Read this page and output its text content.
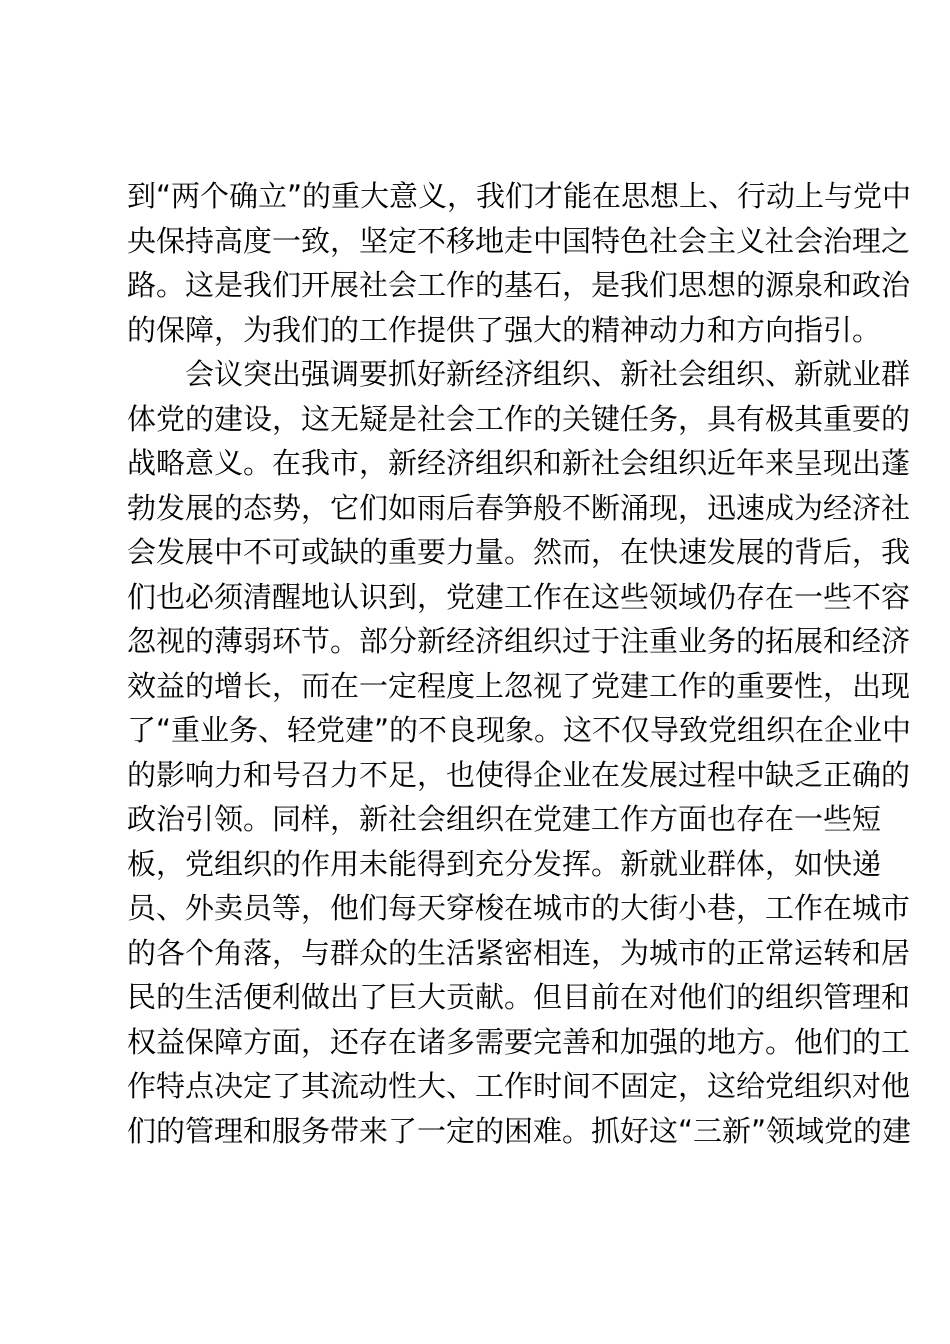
到“两个确立”的重大意义，我们才能在思想上、行动上与党中
央保持高度一致，坚定不移地走中国特色社会主义社会治理之
路。这是我们开展社会工作的基石，是我们思想的源泉和政治
的保障，为我们的工作提供了强大的精神动力和方向指引。
　　会议突出强调要抓好新经济组织、新社会组织、新就业群
体党的建设，这无疑是社会工作的关键任务，具有极其重要的
战略意义。在我市，新经济组织和新社会组织近年来呈现出蓬
勃发展的态势，它们如雨后春笋般不断涌现，迅速成为经济社
会发展中不可或缺的重要力量。然而，在快速发展的背后，我
们也必须清醒地认识到，党建工作在这些领域仍存在一些不容
忽视的薄弱环节。部分新经济组织过于注重业务的拓展和经济
效益的增长，而在一定程度上忽视了党建工作的重要性，出现
了“重业务、轻党建”的不良现象。这不仅导致党组织在企业中
的影响力和号召力不足，也使得企业在发展过程中缺乏正确的
政治引领。同样，新社会组织在党建工作方面也存在一些短
板，党组织的作用未能得到充分发挥。新就业群体，如快递
员、外卖员等，他们每天穿梭在城市的大街小巷，工作在城市
的各个角落，与群众的生活紧密相连，为城市的正常运转和居
民的生活便利做出了巨大贡献。但目前在对他们的组织管理和
权益保障方面，还存在诸多需要完善和加强的地方。他们的工
作特点决定了其流动性大、工作时间不固定，这给党组织对他
们的管理和服务带来了一定的困难。抓好这“三新”领域党的建
